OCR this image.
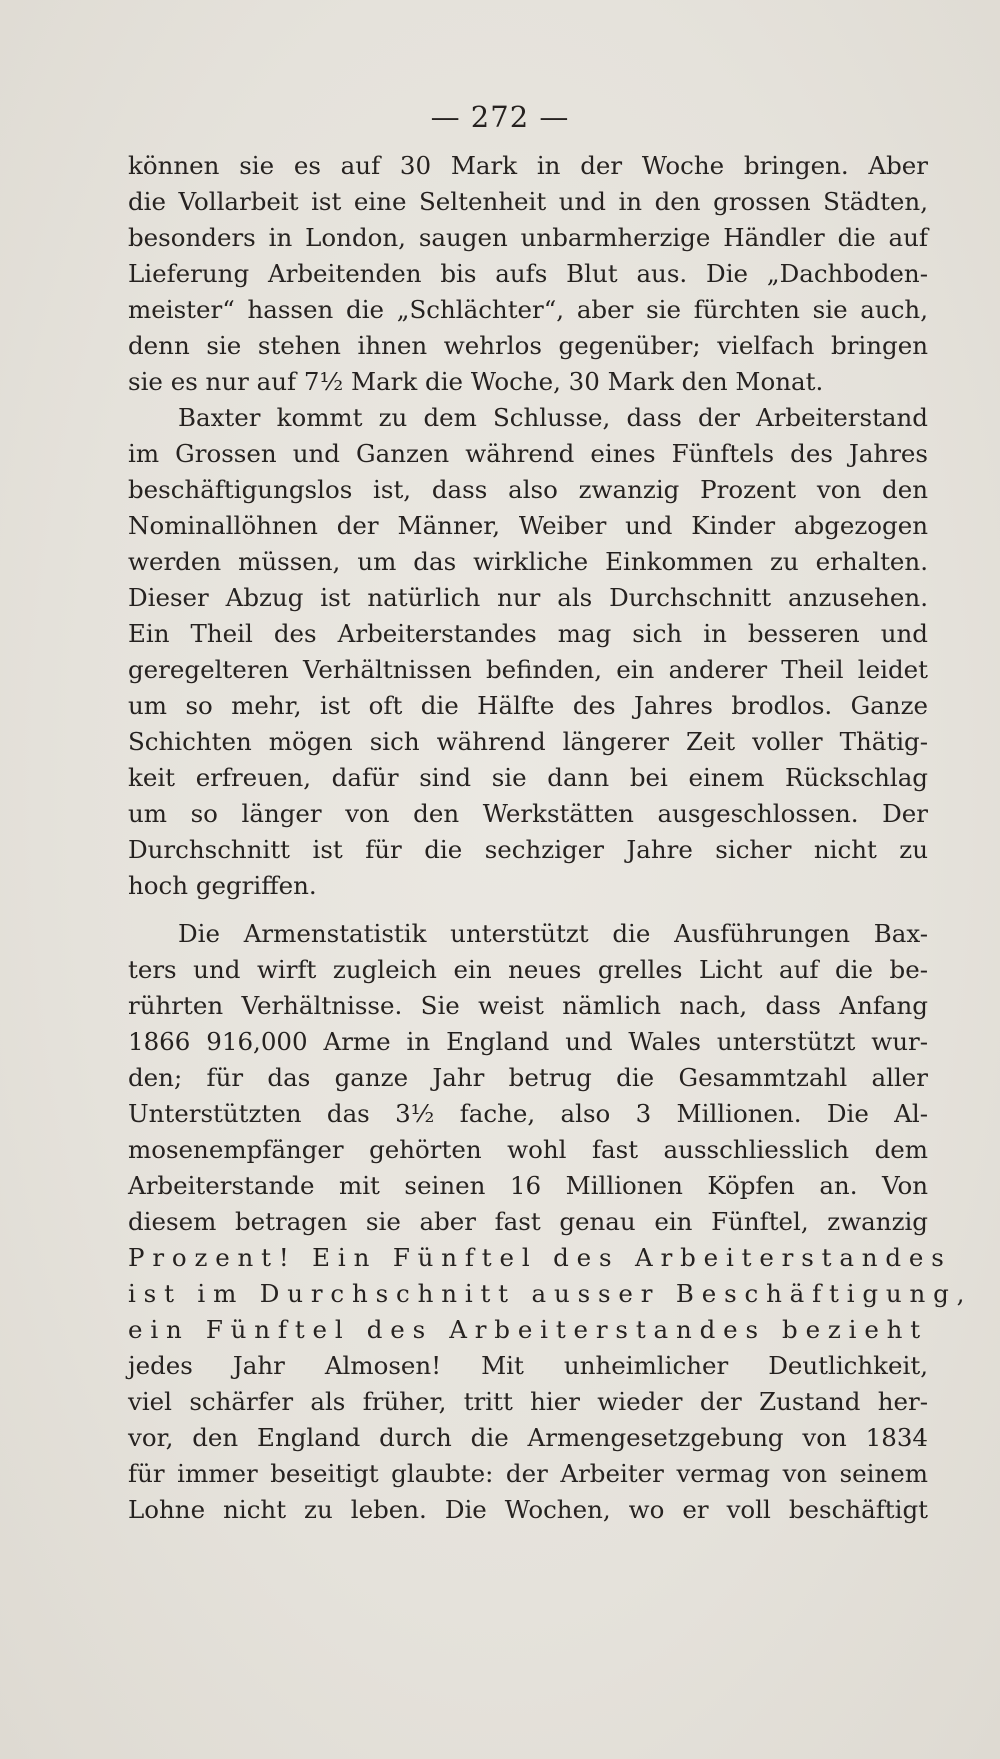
— 272 —
können sie es auf 30 Mark in der Woche bringen. Aber
die Vollarbeit ist eine Seltenheit und in den grossen Städten,
besonders in London, saugen unbarmherzige Händler die auf
Lieferung Arbeitenden bis aufs Blut aus. Die „Dachboden-
meister“ hassen die „Schlächter“, aber sie fürchten sie auch,
denn sie stehen ihnen wehrlos gegenüber; vielfach bringen
sie es nur auf 7½ Mark die Woche, 30 Mark den Monat.
Baxter kommt zu dem Schlusse, dass der Arbeiterstand
im Grossen und Ganzen während eines Fünftels des Jahres
beschäftigungslos ist, dass also zwanzig Prozent von den
Nominallöhnen der Männer, Weiber und Kinder abgezogen
werden müssen, um das wirkliche Einkommen zu erhalten.
Dieser Abzug ist natürlich nur als Durchschnitt anzusehen.
Ein Theil des Arbeiterstandes mag sich in besseren und
geregelteren Verhältnissen befinden, ein anderer Theil leidet
um so mehr, ist oft die Hälfte des Jahres brodlos. Ganze
Schichten mögen sich während längerer Zeit voller Thätig-
keit erfreuen, dafür sind sie dann bei einem Rückschlag
um so länger von den Werkstätten ausgeschlossen. Der
Durchschnitt ist für die sechziger Jahre sicher nicht zu
hoch gegriffen.
Die Armenstatistik unterstützt die Ausführungen Bax-
ters und wirft zugleich ein neues grelles Licht auf die be-
rührten Verhältnisse. Sie weist nämlich nach, dass Anfang
1866 916,000 Arme in England und Wales unterstützt wur-
den; für das ganze Jahr betrug die Gesammtzahl aller
Unterstützten das 3½ fache, also 3 Millionen. Die Al-
mosenempfänger gehörten wohl fast ausschliesslich dem
Arbeiterstande mit seinen 16 Millionen Köpfen an. Von
diesem betragen sie aber fast genau ein Fünftel, zwanzig
Prozent! Ein Fünftel des Arbeiterstandes
ist im Durchschnitt ausser Beschäftigung,
ein Fünftel des Arbeiterstandes bezieht
jedes Jahr Almosen! Mit unheimlicher Deutlichkeit,
viel schärfer als früher, tritt hier wieder der Zustand her-
vor, den England durch die Armengesetzgebung von 1834
für immer beseitigt glaubte: der Arbeiter vermag von seinem
Lohne nicht zu leben. Die Wochen, wo er voll beschäftigt
